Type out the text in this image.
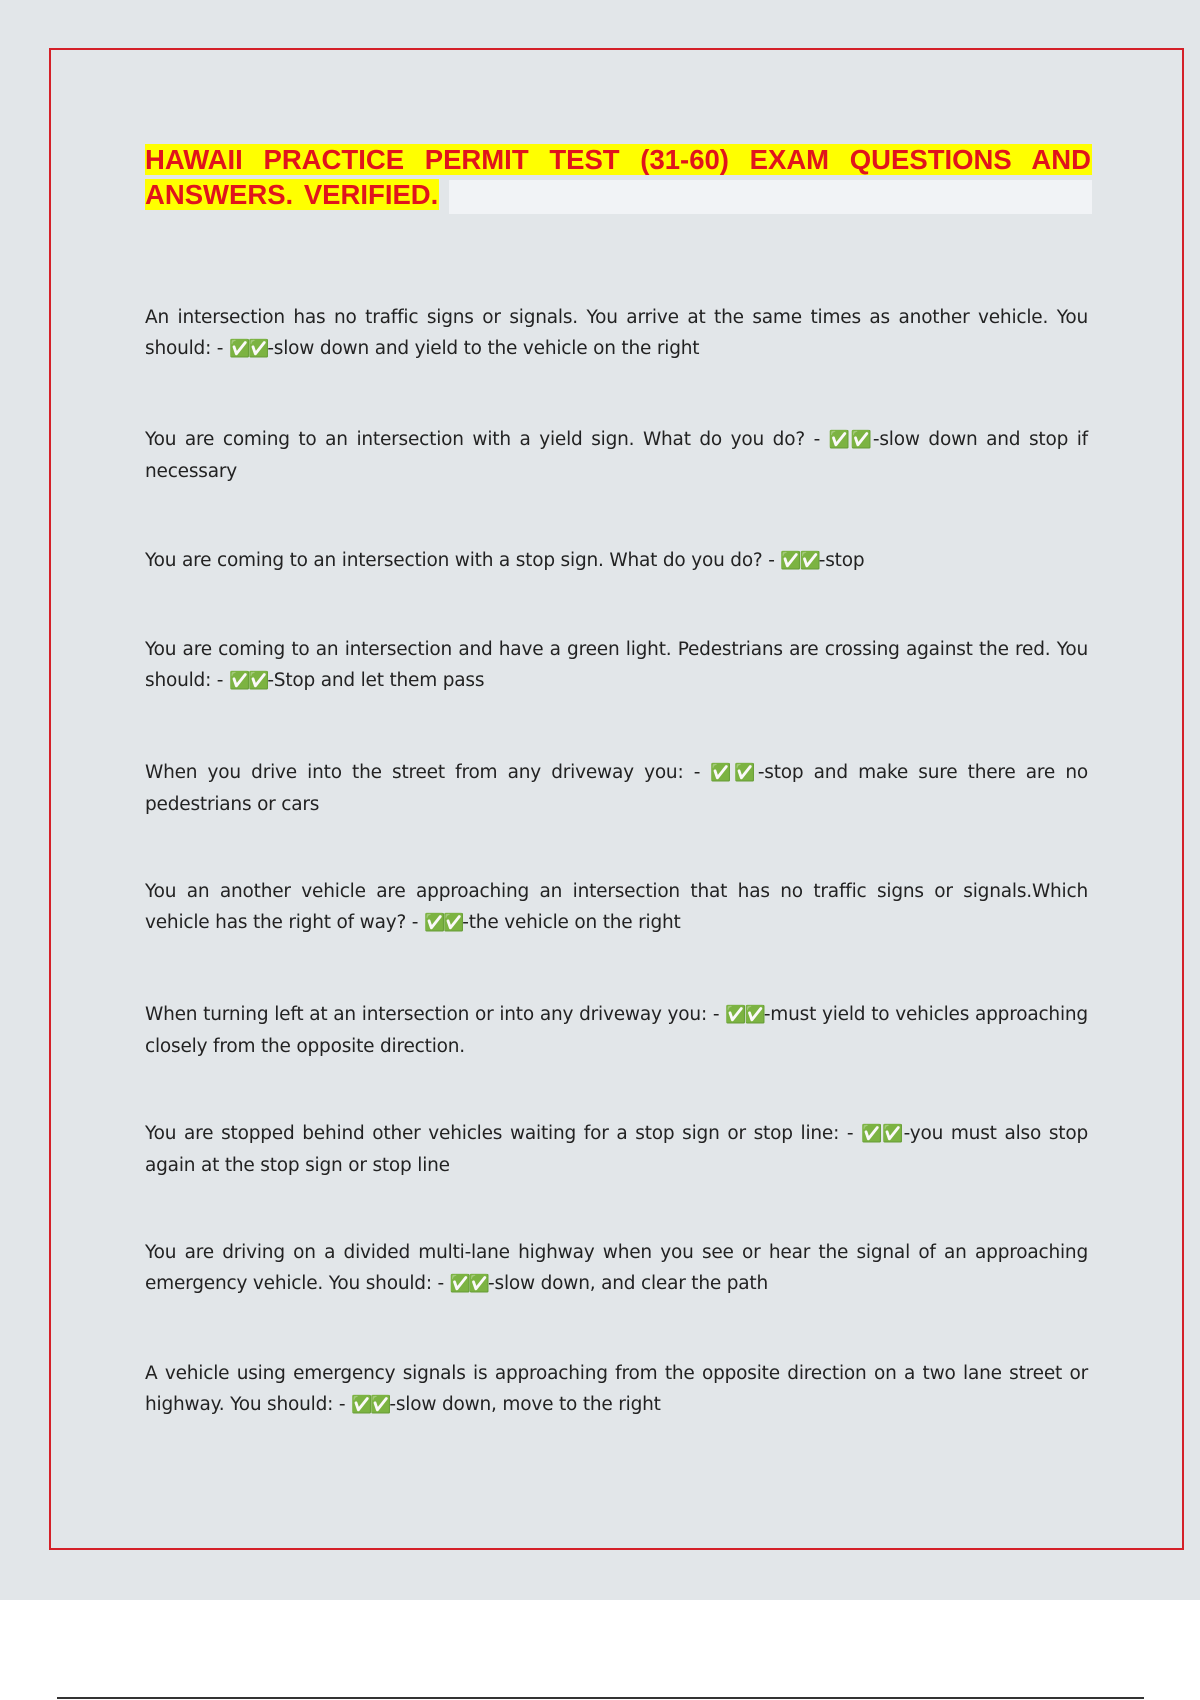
HAWAII PRACTICE PERMIT TEST (31-60) EXAM QUESTIONS AND ANSWERS. VERIFIED.

An intersection has no traffic signs or signals. You arrive at the same times as another vehicle. You should: - ✅✅-slow down and yield to the vehicle on the right

You are coming to an intersection with a yield sign. What do you do? - ✅✅-slow down and stop if necessary

You are coming to an intersection with a stop sign. What do you do? - ✅✅-stop

You are coming to an intersection and have a green light. Pedestrians are crossing against the red. You should: - ✅✅-Stop and let them pass

When you drive into the street from any driveway you: - ✅✅-stop and make sure there are no pedestrians or cars

You an another vehicle are approaching an intersection that has no traffic signs or signals.Which vehicle has the right of way? - ✅✅-the vehicle on the right

When turning left at an intersection or into any driveway you: - ✅✅-must yield to vehicles approaching closely from the opposite direction.

You are stopped behind other vehicles waiting for a stop sign or stop line: - ✅✅-you must also stop again at the stop sign or stop line

You are driving on a divided multi-lane highway when you see or hear the signal of an approaching emergency vehicle. You should: - ✅✅-slow down, and clear the path

A vehicle using emergency signals is approaching from the opposite direction on a two lane street or highway. You should: - ✅✅-slow down, move to the right
